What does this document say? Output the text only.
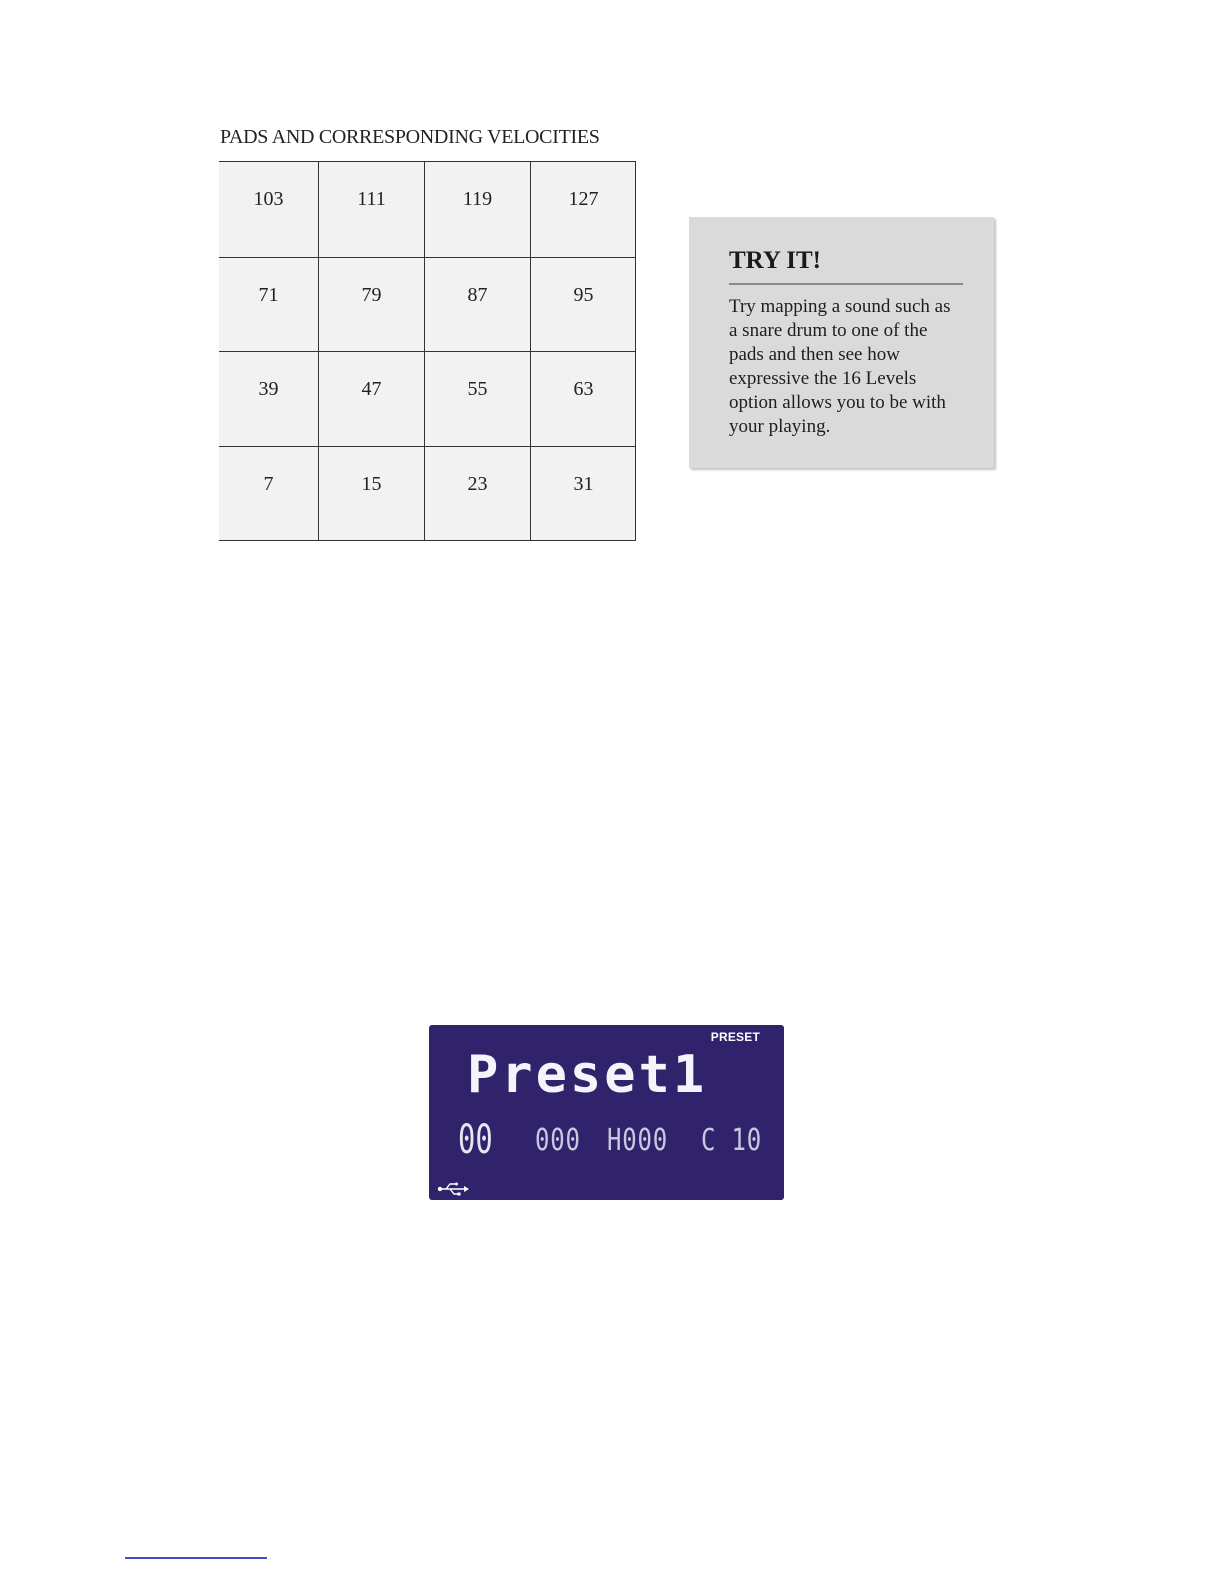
PADS AND CORRESPONDING VELOCITIES
103	111	119	127
71	79	87	95
39	47	55	63
7	15	23	31
TRY IT!
Try mapping a sound such as a snare drum to one of the pads and then see how expressive the 16 Levels option allows you to be with your playing.
PRESET
Preset1
00 000 H000 C 10
